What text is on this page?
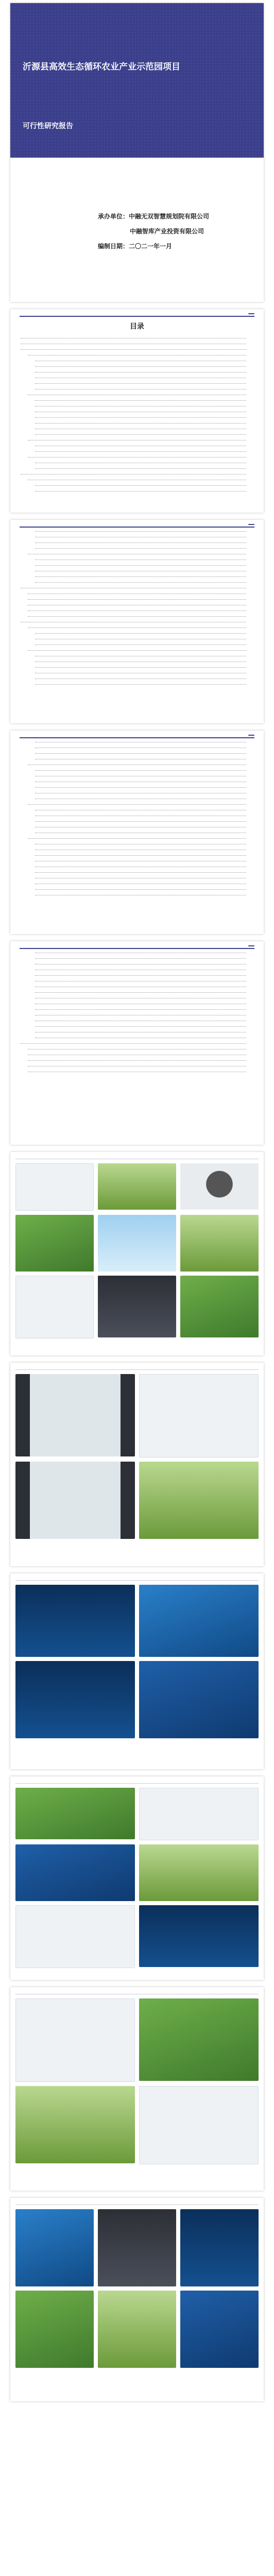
沂源县高效生态循环农业产业示范园项目
可行性研究报告
承办单位：中融无双智慧规划院有限公司
中融智库产业投资有限公司
编制日期：二〇二一年一月
目录
